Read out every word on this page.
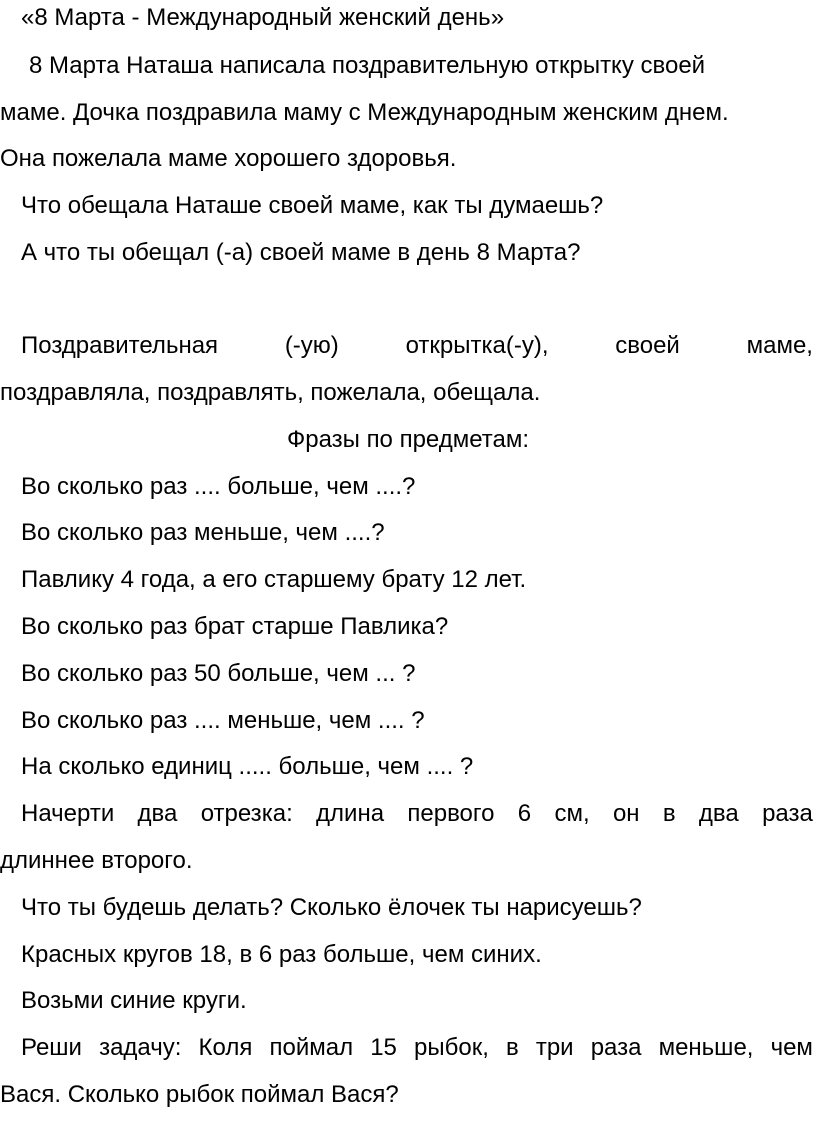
«8 Марта - Международный женский день»

8 Марта Наташа написала поздравительную открытку своей

маме. Дочка поздравила маму с Международным женским днем.

Она пожелала маме хорошего здоровья.

Что обещала Наташе своей маме, как ты думаешь?

А что ты обещал (-а) своей маме в день 8 Марта?

Поздравительная	(-ую)	открытка(-у),	своей	маме,

поздравляла, поздравлять, пожелала, обещала.

Фразы по предметам:

Во сколько раз .... больше, чем ....?

Во сколько раз меньше, чем ....?

Павлику 4 года, а его старшему брату 12 лет.

Во сколько раз брат старше Павлика?

Во сколько раз 50 больше, чем ... ?

Во сколько раз .... меньше, чем .... ?

На сколько единиц ..... больше, чем .... ?

Начерти два отрезка: длина первого 6 см, он в два раза

длиннее второго.

Что ты будешь делать? Сколько ёлочек ты нарисуешь?

Красных кругов 18, в 6 раз больше, чем синих.

Возьми синие круги.

Реши задачу: Коля поймал 15 рыбок, в три раза меньше, чем

Вася. Сколько рыбок поймал Вася?
